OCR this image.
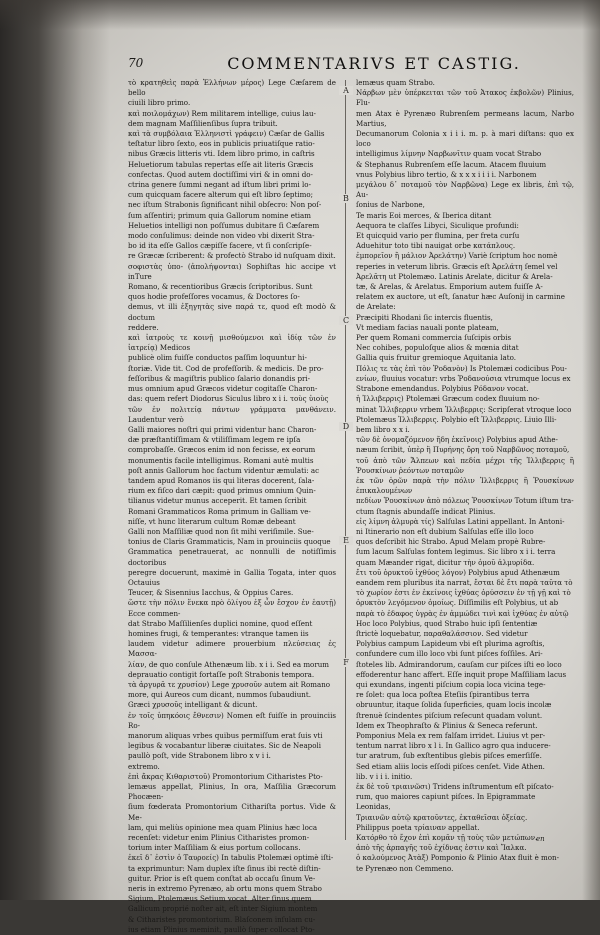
70	COMMENTARIVS ET CASTIG.

τὸ κρατηθεὶς παρὰ Ἑλλήνων μέρος) Lege Cæſarem de bello

ciuili libro primo.

καὶ ποιλομάχων) Rem militarem intellige, cuius lau-

dem magnam Maſſilienſibus ſupra tribuit.

καὶ τὰ συμβόλαια Ἑλληνιστὶ γράφειν) Cæſar de Gallis

teſtatur libro ſexto, eos in publicis priuatiſque ratio-

nibus Græcis litteris vti. Idem libro primo, in caſtris

Heluetiorum tabulas repertas eſſe ait literis Græcis

confectas. Quod autem doctiſſimi viri & in omni do-

ctrina genere ſummi negant ad iſtum libri primi lo-

cum quicquam facere alterum qui eſt libro ſeptimo;

nec iſtum Strabonis ſignificant nihil obſecro: Non poſ-

ſum aſſentiri; primum quia Gallorum nomine etiam

Heluetios intelligi non poſſumus dubitare ſi Cæſarem

modo conſulimus: deinde non video vbi dixerit Stra-

bo id ita eſſe Gallos cæpiſſe facere, vt ſi conſcripſe-

re Græcæ ſcriberent: & profectò Strabo id nuſquam dixit.

σοφιστὰς ὑπο- (ἀπολήψονται) Sophiſtas hic accipe vt inTure

Romano, & recentioribus Græcis ſcriptoribus. Sunt

quos hodie profeſſores vocamus, & Doctores ſo-

demus, vt illi ἐξηγητὰς sive παρά τε, quod eſt modò & doctum

reddere.

καὶ ἰατροὺς τε κοινῇ μισθούμενοι καὶ ἰδίᾳ τῶν ἐν ἰατρείᾳ) Medicos

publicè olim fuiſſe conductos paſſim loquuntur hi-

ſtoriæ. Vide tit. Cod de profeſſorib. & medicis. De pro-

feſſoribus & magiſtris publico ſalario donandis pri-

mus omnium apud Græcos videtur cogitaſſe Charon-

das: quem refert Diodorus Siculus libro x i i. τοὺς ὑιοὺς

τῶν ἐν πολιτείᾳ πάντων γράμματα μανθάνειν. Laudentur verò

Galli maiores noſtri qui primi videntur hanc Charon-

dæ præſtantiſſimam & vtiliſſimam legem re ipſa

comprobaſſe. Græcos enim id non fecisse, ex eorum

monumentis facile intelligimus. Romani autè multis

poſt annis Gallorum hoc factum videntur æmulati: ac

tandem apud Romanos iis qui literas docerent, ſala-

rium ex fiſco dari cæpit: quod primus omnium Quin-

tilianus videtur munus acceperit. Et tamen ſcribit

Romani Grammaticos Roma primum in Galliam ve-

niſſe, vt hunc literarum cultum Romæ debeant

Galli non Maſſiliæ quod non ſit mihi veriſimile. Sue-

tonius de Claris Grammaticis, Nam in prouinciis quoque

Grammatica penetrauerat, ac nonnulli de notiſſimis doctoribus

peregre docuerunt, maximè in Gallia Togata, inter quos Octauius

Teucer, & Sisennius Iacchus, & Oppius Cares.

ὥστε τὴν πόλιν ἕνεκα πρὸ ὀλίγου ἐξ ὧν ἔσχον ἐν ἑαυτῇ) Ecce commen-

dat Strabo Maſſilienſes duplici nomine, quod eſſent

homines frugi, & temperantes: vtranque tamen iis

laudem videtur adimere prouerbium πλεύσειας ἐς Μασσα-

λίαν, de quo conſule Athenæum lib. x i i. Sed ea morum

deprauatio contigit fortaſſe poſt Strabonis tempora.

τὰ ἀργυρᾶ τε χρυσίον) Lege χρυσοῦν autem ait Romano

more, qui Aureos cum dicant, nummos ſubaudiunt.

Græci χρυσοῦς intelligant & dicunt.

ἐν τοῖς ὑπηκόοις ἔθνεσιν) Nomen eſt fuiſſe in prouinciis Ro-

manorum aliquas vrbes quibus permiſſum erat ſuis vti

legibus & vocabantur liberæ ciuitates. Sic de Neapoli

paullò poſt, vide Strabonem libro x v i i.

extremo.

ἐπὶ ἄκρας Κιθαριστοῦ) Promontorium Citharistes Pto-

lemæus appellat, Plinius, In ora, Maſſilia Græcorum Phocæen-

ſium fœderata Promontorium Cithariſta portus. Vide & Me-

lam, qui meliùs opinione mea quam Plinius hæc loca

recenſet: videtur enim Plinius Citharistes promon-

torium inter Maſſiliam & eius portum collocans.

ἐκεῖ δ᾽ ἐστὶν ὁ Ταυροείς) In tabulis Ptolemæi optimè iſti-

ta exprimuntur: Nam duplex iſte ſinus ibi rectè diſtin-

guitur. Prior is eſt quem conſtat ab occaſu ſinum Ve-

neris in extremo Pyrenæo, ab ortu mons quem Strabo

Sigium, Ptolemæus Setium vocat. Alter ſinus quem

Gallicum proprié noſter ait, eſt inter Sigium montem

& Citharistes promontorium. Blaſconem inſulam cu-

ius etiam Plinius meminit, paullò ſuper collocat Pto-

A
B
C
D
E
F

lemæus quam Strabo.

Νάρβων μὲν ὑπέρκειται τῶν τοῦ Ἀτακος ἐκβολῶν) Plinius, Flu-

men Atax è Pyrenæo Rubrenſem permeans lacum, Narbo Martius,

Decumanorum Colonia x i i i. m. p. à mari diſtans: quo ex loco

intelligimus λίμνην Ναρβωνῖτιν quam vocat Strabo

& Stephanus Rubrenſem eſſe lacum. Atacem fluuium

vnus Polybius libro tertio, & x x x i i i i. Narbonem

μεγάλου δ᾽ ποταμοῦ τὸν Ναρβῶνα) Lege ex libris, ἐπὶ τῷ, Au-

ſonius de Narbone,

Te maris Eoi merces, & Iberica ditant

Aequora te claſſes Libyci, Siculique profundi:

Et quicquid vario per flumina, per freta curſu

Aduehitur toto tibi nauigat orbe κατάπλους.

ἐμπορεῖον ἢ μάλιον Ἀρελάτην) Variè ſcriptum hoc nomè

reperies in veterum libris. Græcis eſt Ἀρελάτη ſemel vel

Ἀρελᾶτη ut Ptolemæo. Latinis Arelate, dicitur & Arela-

tæ, & Arelas, & Arelatus. Emporium autem fuiſſe A-

relatem ex auctore, ut eſt, ſanatur hæc Auſonij in carmine

de Arelate:

Præcipiti Rhodani ſic intercis fluentis,

Vt mediam facias nauali ponte plateam,

Per quem Romani commercia ſuſcipis orbis

Nec cohibes, populoſque alios & mœnia ditat

Gallia quis fruitur gremioque Aquitania lato.

Πόλις τε τὰς ἐπὶ τὸν Ῥοδανὸν) Is Ptolemæi codicibus Pou-

ενίων, fluuius vocatur: vrbs Ῥοδανούσια vtrumque locus ex

Strabone emendandus. Polybius Ρόδανον vocat.

ἡ Ἰλλιβερρις) Ptolemæi Græcum codex fluuium no-

minat Ἰλλιβερριν vrbem Ἰλλιβερρις: Scripſerat vtroque loco

Ptolemæus Ἰλλιβερρις. Polybio eſt Ἰλλιβερρις. Liuio Illi-

bem libro x x i.

τῶν δὲ ὀνομαζόμενον ἤδη ἐκεῖνοις) Polybius apud Athe-

næum ſcribit, ὑπὲρ ἢ Πυρήνης ὄρη τοῦ Ναρβῶνος ποταμοῦ,

τοῦ ἀπὸ τῶν Ἄλπεων καὶ πεδία μέχρι τῆς Ἰλλιβερρις ἢ Ῥουσκίνων ῥεόντων ποταμῶν

ἐκ τῶν ὁρῶν παρὰ τὴν πόλιν Ἰλλιβερρις ἢ Ῥουσκίνων ἐπικαλουμένων

πεδίων Ῥουσκίνων ἀπὸ πόλεως Ῥουσκίνων Totum iſtum tra-

ctum ſtagnis abundaſſe indicat Plinius.

εἰς λίμνη ἀλμυρὰ τίς) Salſulas Latini appellant. In Antoni-

ni Itinerario non eſt dubium Salſulas eſſe illo loco

quos deſcribit hic Strabo. Apud Melam propè Rubre-

ſum lacum Salſulas fontem legimus. Sic libro x i i. terra

quam Mæander rigat, dicitur τὴν ὁμοῦ ἀλμυρίδα.

ἔτι τοῦ ὀρυκτοῦ ἰχθύος λόγον) Polybius apud Athenæum

eandem rem pluribus ita narrat, ἔσται δὲ ἔτι παρὰ ταῦτα τὸ

τὸ χωρίον ἐστι ἐν ἐκείνοις ἰχθύας ὀρύσσειν ἐν τῇ γῇ καὶ τὸ

ὀρυκτὸν λεγόμενον ὁμοίως. Diſſimilis eſt Polybius, ut ab

παρὰ τὸ ἐδαφος ὑγρὰς ἐν ἀμμώδει τινὶ καὶ ἰχθύας ἐν αὐτῷ

Hoc loco Polybius, quod Strabo huic ipſi ſententiæ

ſtrictè loquebatur, παραθαλάσσιον. Sed videtur

Polybius campum Lapideum vbi eſt plurima agroſtis,

confundere cum illo loco vbi ſunt piſces foſſiles. Ari-

ſtoteles lib. Admirandorum, cauſam cur piſces iſti eo loco

effoderentur hanc affert. Eſſe inquit prope Maſſiliam lacus

qui exundans, ingenti piſcium copia loca vicina tege-

re ſolet: qua loca poſtea Eteſiis ſpirantibus terra

obruuntur, itaque ſolida ſuperficies, quam locis incolæ

ſtrenuè ſcindentes piſcium reſecunt quadam volunt.

Idem ex Theophraſto & Plinius & Seneca referunt.

Pomponius Mela ex rem falſam irridet. Liuius vt per-

tentum narrat libro x l i. In Gallico agro qua inducere-

tur aratrum, ſub exſtentibus glebis piſces emerſiſſe.

Sed etiam aliis locis eſſodi piſces cenſet. Vide Athen.

lib. v i i i. initio.

ἐκ δὲ τοῦ τριαινῶσι) Tridens inſtrumentum eſt piſcato-

rum, quo maiores capiunt piſces. In Epigrammate

Leonidas,

Τριαινῶν αὐτῷ κρατοῦντες, ἐκταθεῖσαι ὀξείας.

Philippus poeta τρίαιναν appellat.

Κατόρθο τὸ ἔχον ἐπὶ κομᾶν τῇ τοὺς τῶν μετώπων.

ἀπὸ τῆς ἀρπαγῆς τοῦ ἐχίδνας ἐστιν καὶ Ἴαλκα.

ὁ καλούμενος Ἀτὰξ) Pomponio & Plinio Atax fluit è mon-

te Pyrenæo non Cemmeno.

en
